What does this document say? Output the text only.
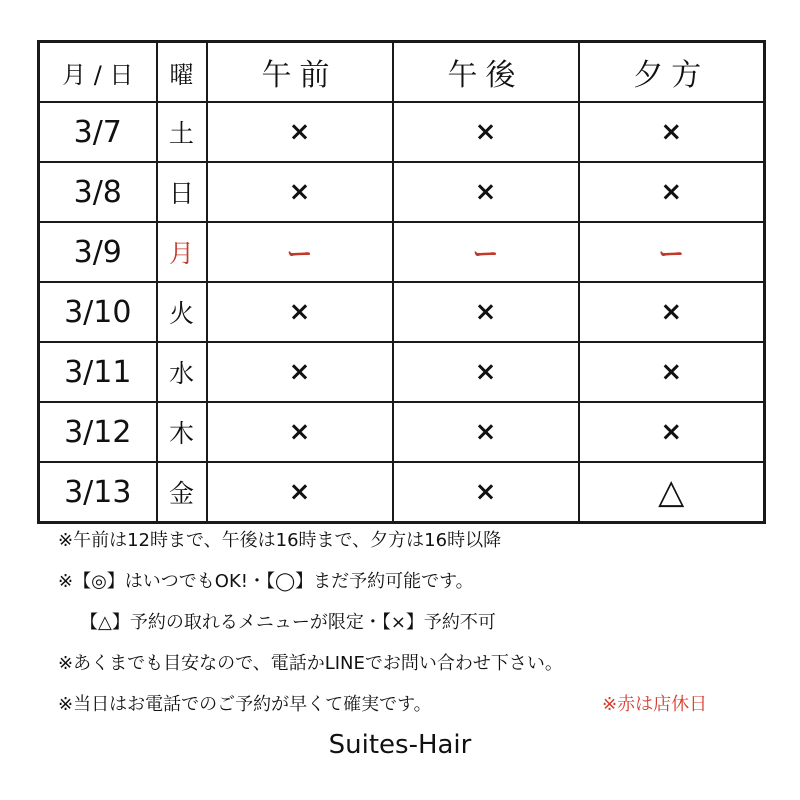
月 / 日	曜	午前	午後	夕方
3/7	土	×	×	×
3/8	日	×	×	×
3/9	月	ー	ー	ー
3/10	火	×	×	×
3/11	水	×	×	×
3/12	木	×	×	×
3/13	金	×	×	△
※午前は12時まで、午後は16時まで、夕方は16時以降
※【◎】はいつでもOK!・【◯】まだ予約可能です。
【△】予約の取れるメニューが限定・【×】予約不可
※あくまでも目安なので、電話かLINEでお問い合わせ下さい。
※当日はお電話でのご予約が早くて確実です。	※赤は店休日
Suites-Hair
